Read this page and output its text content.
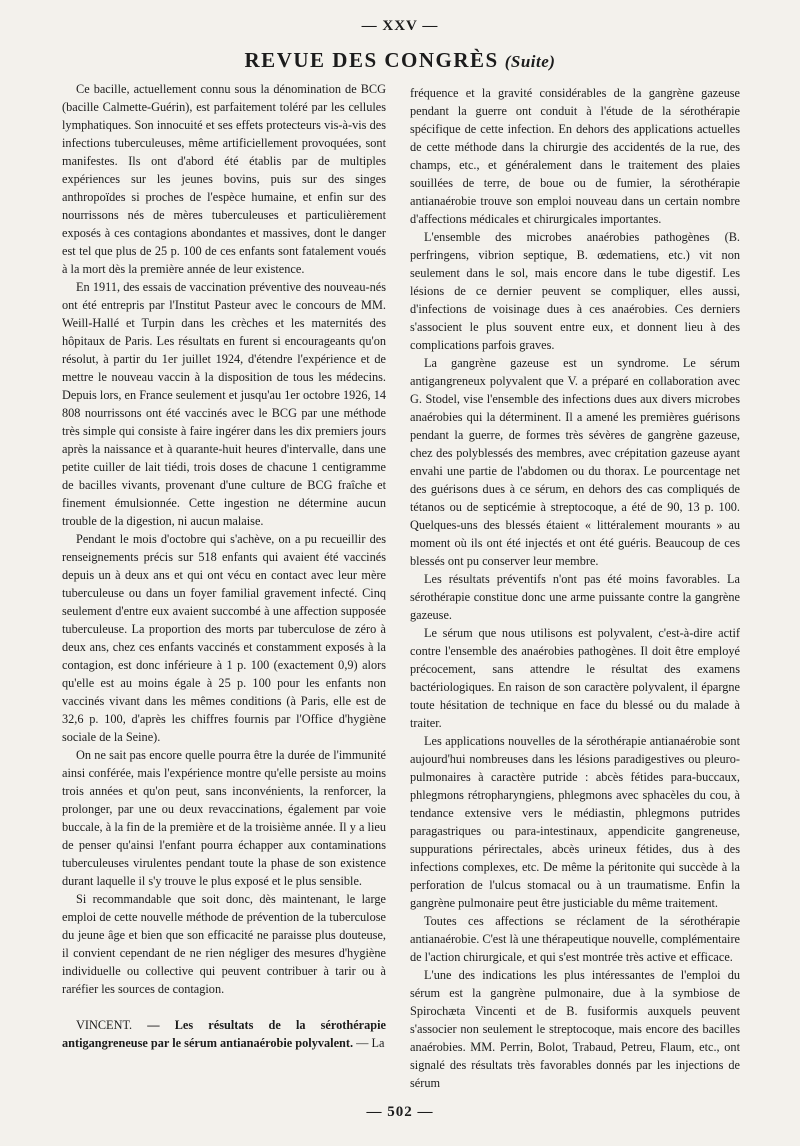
— XXV —
REVUE DES CONGRÈS (Suite)

Ce bacille, actuellement connu sous la dénomination de BCG (bacille Calmette-Guérin), est parfaitement toléré par les cellules lymphatiques. Son innocuité et ses effets protecteurs vis-à-vis des infections tuberculeuses, même artificiellement provoquées, sont manifestes. Ils ont d'abord été établis par de multiples expériences sur les jeunes bovins, puis sur des singes anthropoïdes si proches de l'espèce humaine, et enfin sur des nourrissons nés de mères tuberculeuses et particulièrement exposés à ces contagions abondantes et massives, dont le danger est tel que plus de 25 p. 100 de ces enfants sont fatalement voués à la mort dès la première année de leur existence.

En 1911, des essais de vaccination préventive des nouveau-nés ont été entrepris par l'Institut Pasteur avec le concours de MM. Weill-Hallé et Turpin dans les crèches et les maternités des hôpitaux de Paris. Les résultats en furent si encourageants qu'on résolut, à partir du 1er juillet 1924, d'étendre l'expérience et de mettre le nouveau vaccin à la disposition de tous les médecins. Depuis lors, en France seulement et jusqu'au 1er octobre 1926, 14 808 nourrissons ont été vaccinés avec le BCG par une méthode très simple qui consiste à faire ingérer dans les dix premiers jours après la naissance et à quarante-huit heures d'intervalle, dans une petite cuiller de lait tiédi, trois doses de chacune 1 centigramme de bacilles vivants, provenant d'une culture de BCG fraîche et finement émulsionnée. Cette ingestion ne détermine aucun trouble de la digestion, ni aucun malaise.

Pendant le mois d'octobre qui s'achève, on a pu recueillir des renseignements précis sur 518 enfants qui avaient été vaccinés depuis un à deux ans et qui ont vécu en contact avec leur mère tuberculeuse ou dans un foyer familial gravement infecté. Cinq seulement d'entre eux avaient succombé à une affection supposée tuberculeuse. La proportion des morts par tuberculose de zéro à deux ans, chez ces enfants vaccinés et constamment exposés à la contagion, est donc inférieure à 1 p. 100 (exactement 0,9) alors qu'elle est au moins égale à 25 p. 100 pour les enfants non vaccinés vivant dans les mêmes conditions (à Paris, elle est de 32,6 p. 100, d'après les chiffres fournis par l'Office d'hygiène sociale de la Seine).

On ne sait pas encore quelle pourra être la durée de l'immunité ainsi conférée, mais l'expérience montre qu'elle persiste au moins trois années et qu'on peut, sans inconvénients, la renforcer, la prolonger, par une ou deux revaccinations, également par voie buccale, à la fin de la première et de la troisième année. Il y a lieu de penser qu'ainsi l'enfant pourra échapper aux contaminations tuberculeuses virulentes pendant toute la phase de son existence durant laquelle il s'y trouve le plus exposé et le plus sensible.

Si recommandable que soit donc, dès maintenant, le large emploi de cette nouvelle méthode de prévention de la tuberculose du jeune âge et bien que son efficacité ne paraisse plus douteuse, il convient cependant de ne rien négliger des mesures d'hygiène individuelle ou collective qui peuvent contribuer à tarir ou à raréfier les sources de contagion.

VINCENT. — Les résultats de la sérothérapie antigangreneuse par le sérum antianaérobie polyvalent. — La

fréquence et la gravité considérables de la gangrène gazeuse pendant la guerre ont conduit à l'étude de la sérothérapie spécifique de cette infection. En dehors des applications actuelles de cette méthode dans la chirurgie des accidentés de la rue, des champs, etc., et généralement dans le traitement des plaies souillées de terre, de boue ou de fumier, la sérothérapie antianaérobie trouve son emploi nouveau dans un certain nombre d'affections médicales et chirurgicales importantes.

L'ensemble des microbes anaérobies pathogènes (B. perfringens, vibrion septique, B. œdematiens, etc.) vit non seulement dans le sol, mais encore dans le tube digestif. Les lésions de ce dernier peuvent se compliquer, elles aussi, d'infections de voisinage dues à ces anaérobies. Ces derniers s'associent le plus souvent entre eux, et donnent lieu à des complications parfois graves.

La gangrène gazeuse est un syndrome. Le sérum antigangreneux polyvalent que V. a préparé en collaboration avec G. Stodel, vise l'ensemble des infections dues aux divers microbes anaérobies qui la déterminent. Il a amené les premières guérisons pendant la guerre, de formes très sévères de gangrène gazeuse, chez des polyblessés des membres, avec crépitation gazeuse ayant envahi une partie de l'abdomen ou du thorax. Le pourcentage net des guérisons dues à ce sérum, en dehors des cas compliqués de tétanos ou de septicémie à streptocoque, a été de 90, 13 p. 100. Quelques-uns des blessés étaient « littéralement mourants » au moment où ils ont été injectés et ont été guéris. Beaucoup de ces blessés ont pu conserver leur membre.

Les résultats préventifs n'ont pas été moins favorables. La sérothérapie constitue donc une arme puissante contre la gangrène gazeuse.

Le sérum que nous utilisons est polyvalent, c'est-à-dire actif contre l'ensemble des anaérobies pathogènes. Il doit être employé précocement, sans attendre le résultat des examens bactériologiques. En raison de son caractère polyvalent, il épargne toute hésitation de technique en face du blessé ou du malade à traiter.

Les applications nouvelles de la sérothérapie antianaérobie sont aujourd'hui nombreuses dans les lésions paradigestives ou pleuro-pulmonaires à caractère putride : abcès fétides para-buccaux, phlegmons rétropharyngiens, phlegmons avec sphacèles du cou, à tendance extensive vers le médiastin, phlegmons putrides paragastriques ou para-intestinaux, appendicite gangreneuse, suppurations périrectales, abcès urineux fétides, dus à des infections complexes, etc. De même la péritonite qui succède à la perforation de l'ulcus stomacal ou à un traumatisme. Enfin la gangrène pulmonaire peut être justiciable du même traitement.

Toutes ces affections se réclament de la sérothérapie antianaérobie. C'est là une thérapeutique nouvelle, complémentaire de l'action chirurgicale, et qui s'est montrée très active et efficace.

L'une des indications les plus intéressantes de l'emploi du sérum est la gangrène pulmonaire, due à la symbiose de Spirochæta Vincenti et de B. fusiformis auxquels peuvent s'associer non seulement le streptocoque, mais encore des bacilles anaérobies. MM. Perrin, Bolot, Trabaud, Petreu, Flaum, etc., ont signalé des résultats très favorables donnés par les injections de sérum

— 502 —
